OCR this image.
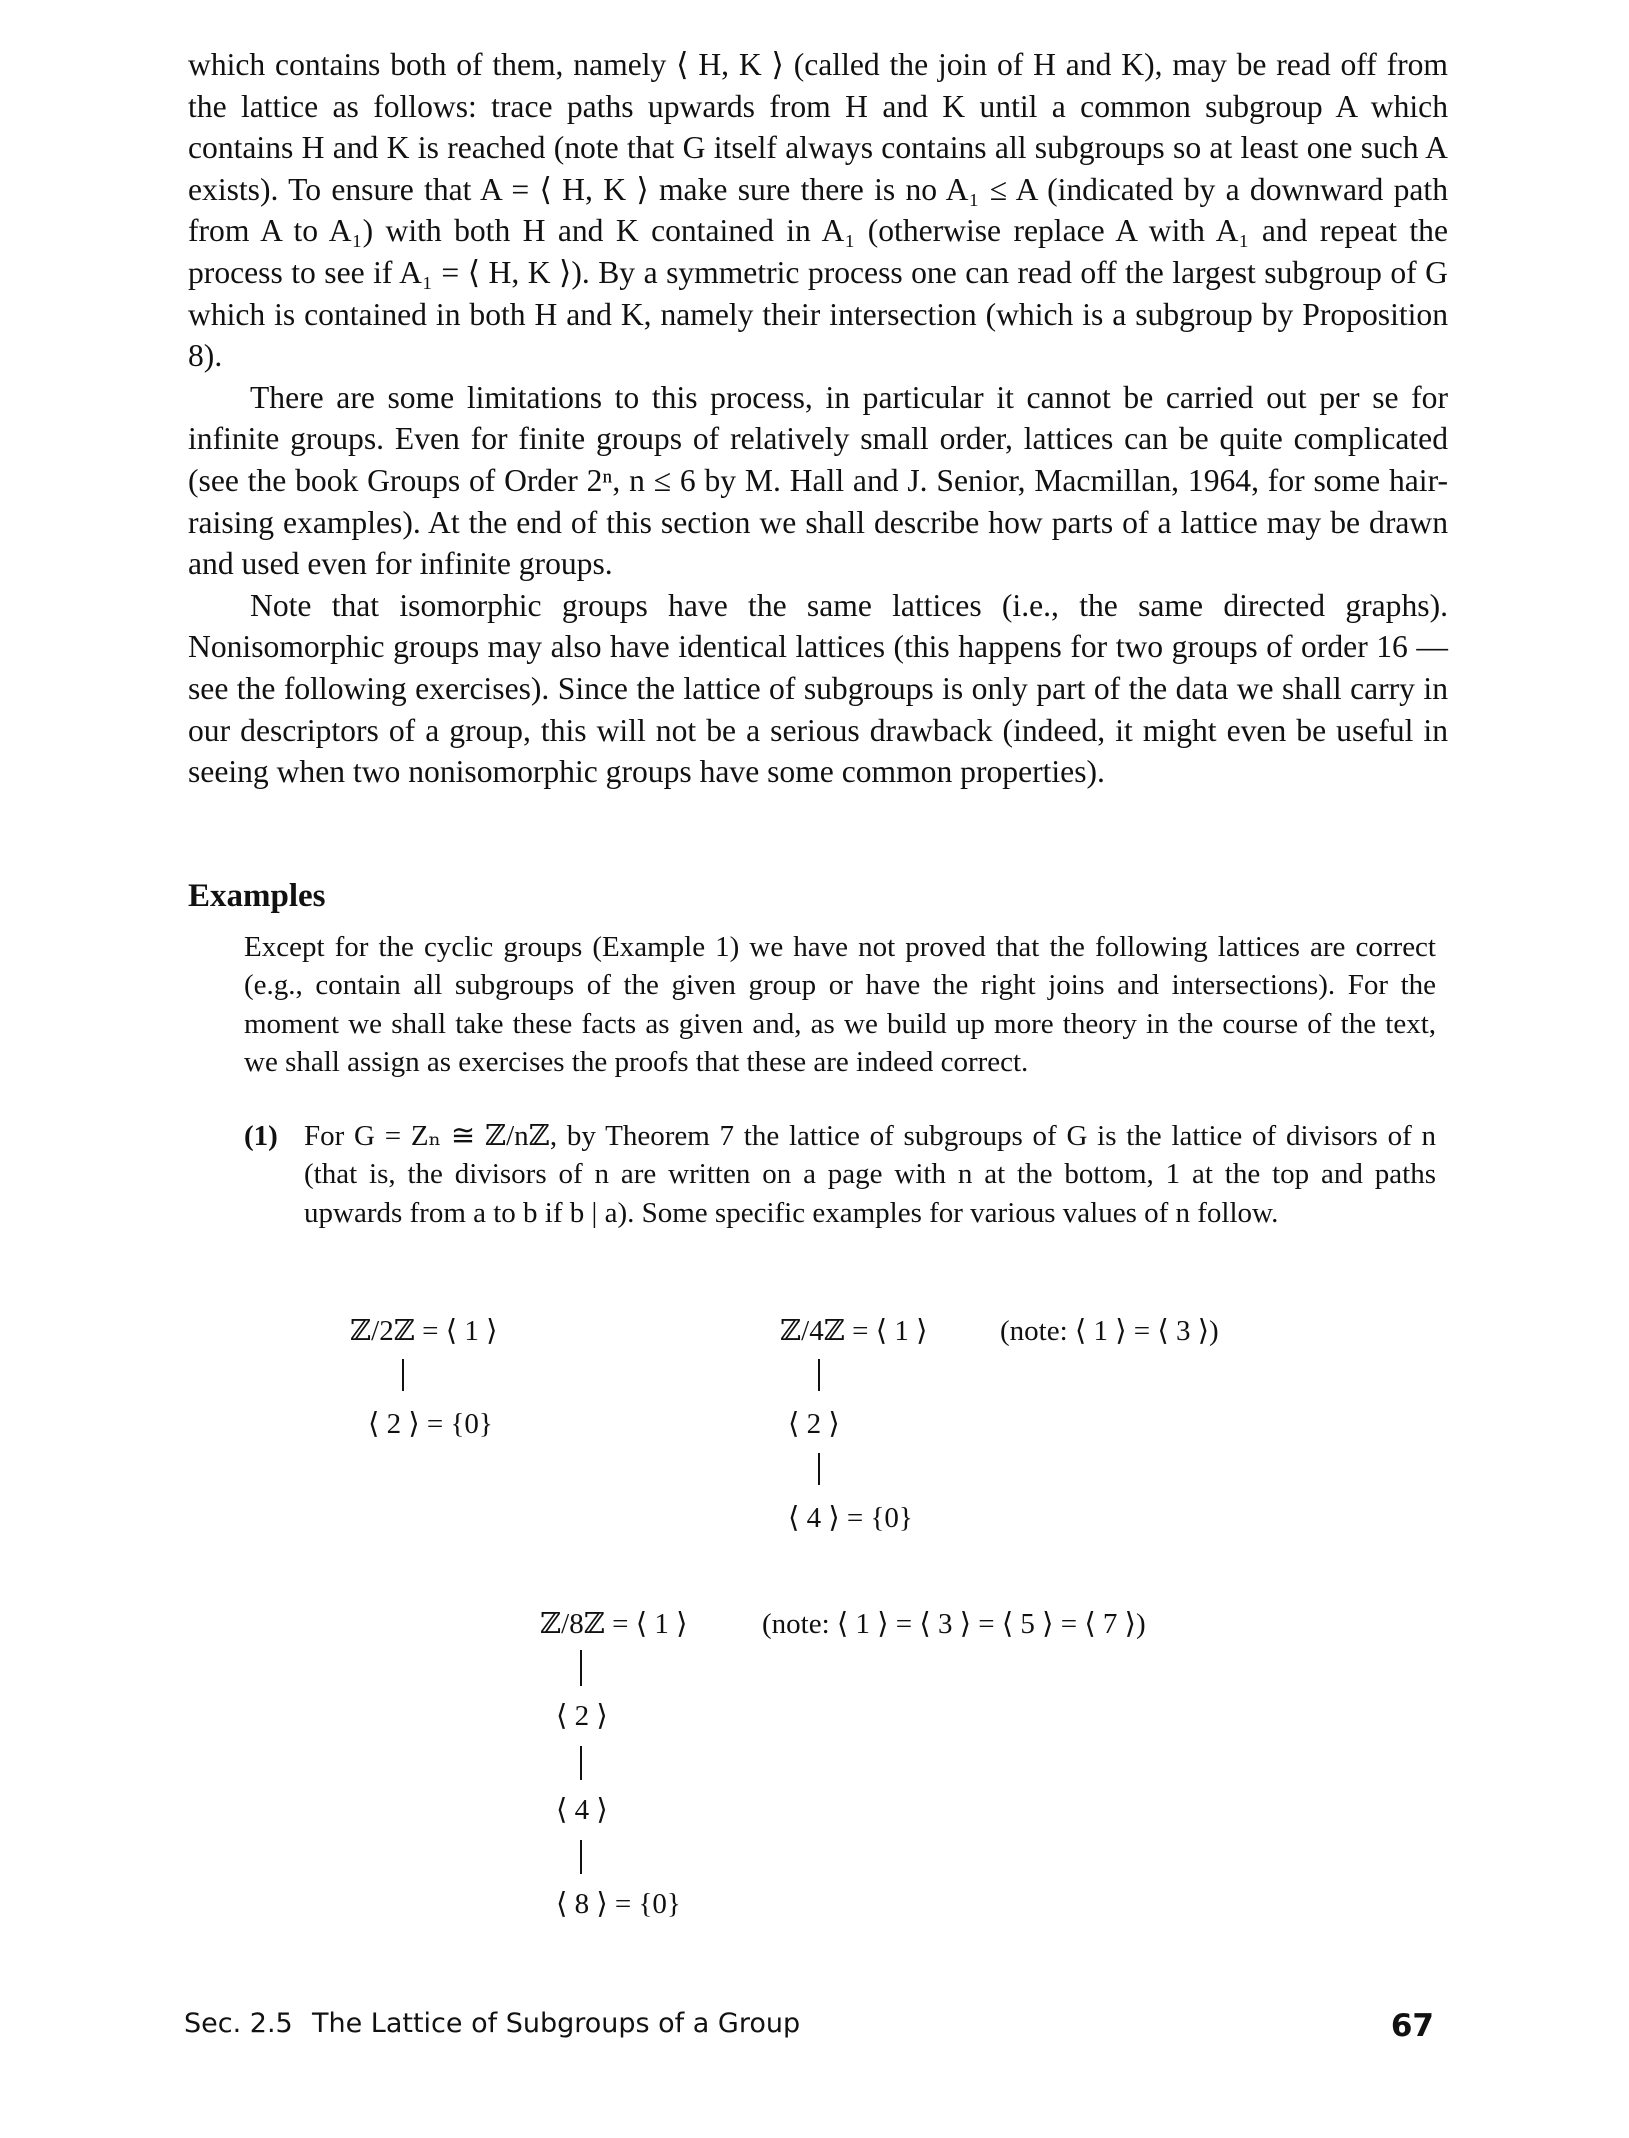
which contains both of them, namely ⟨ H, K ⟩ (called the join of H and K), may be read off from the lattice as follows: trace paths upwards from H and K until a common subgroup A which contains H and K is reached (note that G itself always contains all subgroups so at least one such A exists). To ensure that A = ⟨ H, K ⟩ make sure there is no A₁ ≤ A (indicated by a downward path from A to A₁) with both H and K contained in A₁ (otherwise replace A with A₁ and repeat the process to see if A₁ = ⟨ H, K ⟩). By a symmetric process one can read off the largest subgroup of G which is contained in both H and K, namely their intersection (which is a subgroup by Proposition 8).

There are some limitations to this process, in particular it cannot be carried out per se for infinite groups. Even for finite groups of relatively small order, lattices can be quite complicated (see the book Groups of Order 2ⁿ, n ≤ 6 by M. Hall and J. Senior, Macmillan, 1964, for some hair-raising examples). At the end of this section we shall describe how parts of a lattice may be drawn and used even for infinite groups.

Note that isomorphic groups have the same lattices (i.e., the same directed graphs). Nonisomorphic groups may also have identical lattices (this happens for two groups of order 16 — see the following exercises). Since the lattice of subgroups is only part of the data we shall carry in our descriptors of a group, this will not be a serious drawback (indeed, it might even be useful in seeing when two nonisomorphic groups have some common properties).

Examples

Except for the cyclic groups (Example 1) we have not proved that the following lattices are correct (e.g., contain all subgroups of the given group or have the right joins and intersections). For the moment we shall take these facts as given and, as we build up more theory in the course of the text, we shall assign as exercises the proofs that these are indeed correct.

(1) For G = Zₙ ≅ ℤ/nℤ, by Theorem 7 the lattice of subgroups of G is the lattice of divisors of n (that is, the divisors of n are written on a page with n at the bottom, 1 at the top and paths upwards from a to b if b | a). Some specific examples for various values of n follow.
ℤ/2ℤ = ⟨ 1 ⟩
⟨ 2 ⟩ = {0}
ℤ/4ℤ = ⟨ 1 ⟩	(note: ⟨ 1 ⟩ = ⟨ 3 ⟩)
⟨ 2 ⟩
⟨ 4 ⟩ = {0}
ℤ/8ℤ = ⟨ 1 ⟩	(note: ⟨ 1 ⟩ = ⟨ 3 ⟩ = ⟨ 5 ⟩ = ⟨ 7 ⟩)
⟨ 2 ⟩
⟨ 4 ⟩
⟨ 8 ⟩ = {0}
Sec. 2.5 The Lattice of Subgroups of a Group	67
